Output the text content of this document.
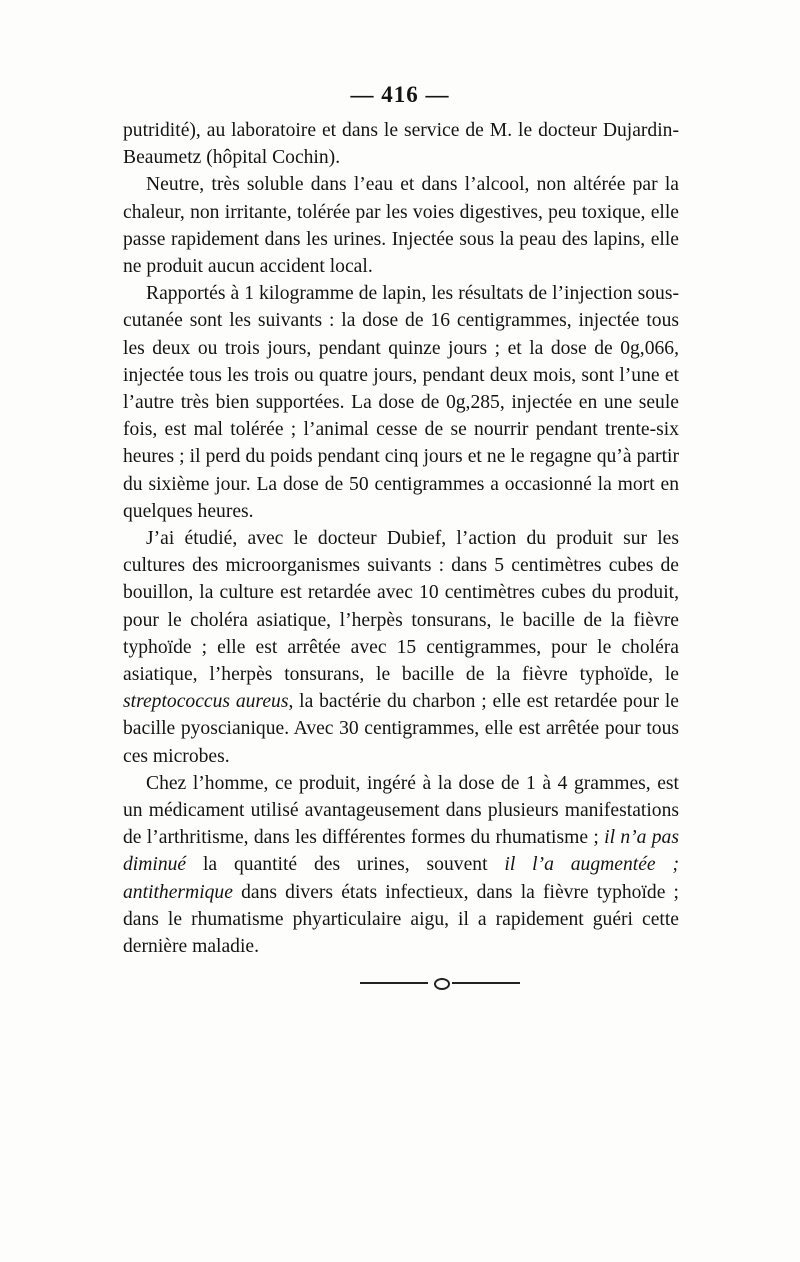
— 416 —

putridité), au laboratoire et dans le service de M. le docteur Dujardin-Beaumetz (hôpital Cochin).

Neutre, très soluble dans l’eau et dans l’alcool, non altérée par la chaleur, non irritante, tolérée par les voies digestives, peu toxique, elle passe rapidement dans les urines. Injectée sous la peau des lapins, elle ne produit aucun accident local.

Rapportés à 1 kilogramme de lapin, les résultats de l’injection sous-cutanée sont les suivants : la dose de 16 centigrammes, injectée tous les deux ou trois jours, pendant quinze jours ; et la dose de 0g,066, injectée tous les trois ou quatre jours, pendant deux mois, sont l’une et l’autre très bien supportées. La dose de 0g,285, injectée en une seule fois, est mal tolérée ; l’animal cesse de se nourrir pendant trente-six heures ; il perd du poids pendant cinq jours et ne le regagne qu’à partir du sixième jour. La dose de 50 centigrammes a occasionné la mort en quelques heures.

J’ai étudié, avec le docteur Dubief, l’action du produit sur les cultures des microorganismes suivants : dans 5 centimètres cubes de bouillon, la culture est retardée avec 10 centimètres cubes du produit, pour le choléra asiatique, l’herpès tonsurans, le bacille de la fièvre typhoïde ; elle est arrêtée avec 15 centigrammes, pour le choléra asiatique, l’herpès tonsurans, le bacille de la fièvre typhoïde, le streptococcus aureus, la bactérie du charbon ; elle est retardée pour le bacille pyoscianique. Avec 30 centigrammes, elle est arrêtée pour tous ces microbes.

Chez l’homme, ce produit, ingéré à la dose de 1 à 4 grammes, est un médicament utilisé avantageusement dans plusieurs manifestations de l’arthritisme, dans les différentes formes du rhumatisme ; il n’a pas diminué la quantité des urines, souvent il l’a augmentée ; antithermique dans divers états infectieux, dans la fièvre typhoïde ; dans le rhumatisme phyarticulaire aigu, il a rapidement guéri cette dernière maladie.
